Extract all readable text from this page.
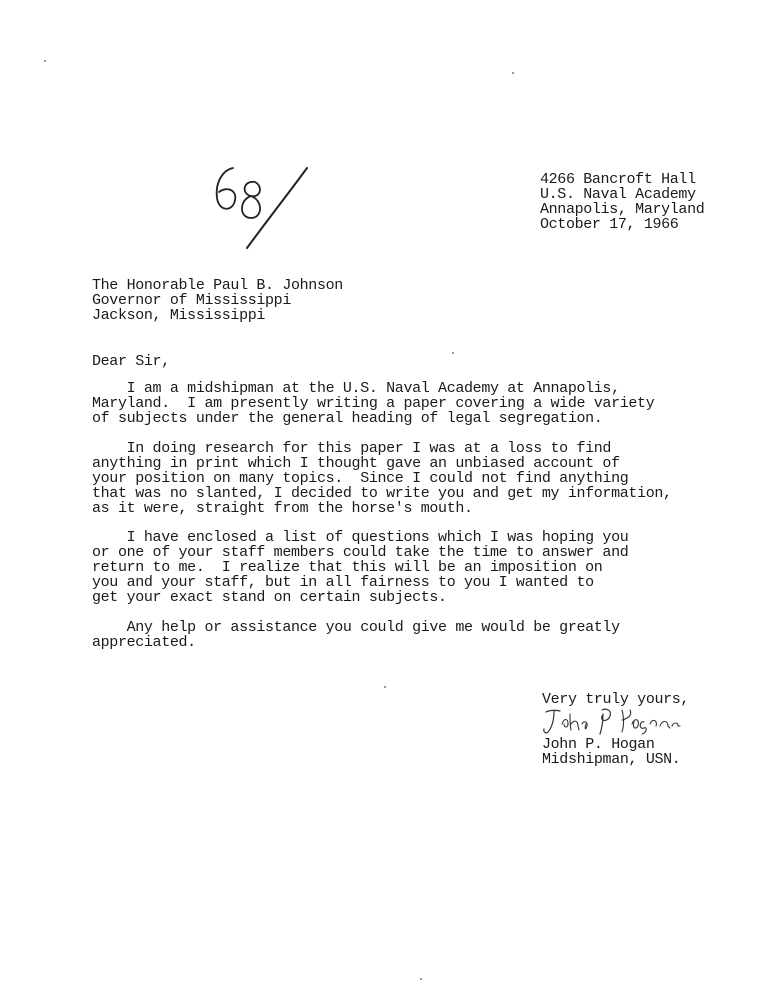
4266 Bancroft Hall
U.S. Naval Academy
Annapolis, Maryland
October 17, 1966
The Honorable Paul B. Johnson
Governor of Mississippi
Jackson, Mississippi
Dear Sir,
I am a midshipman at the U.S. Naval Academy at Annapolis,
Maryland.  I am presently writing a paper covering a wide variety
of subjects under the general heading of legal segregation.
In doing research for this paper I was at a loss to find
anything in print which I thought gave an unbiased account of
your position on many topics.  Since I could not find anything
that was no slanted, I decided to write you and get my information,
as it were, straight from the horse's mouth.
I have enclosed a list of questions which I was hoping you
or one of your staff members could take the time to answer and
return to me.  I realize that this will be an imposition on
you and your staff, but in all fairness to you I wanted to
get your exact stand on certain subjects.
Any help or assistance you could give me would be greatly
appreciated.
Very truly yours,
John P. Hogan
Midshipman, USN.
